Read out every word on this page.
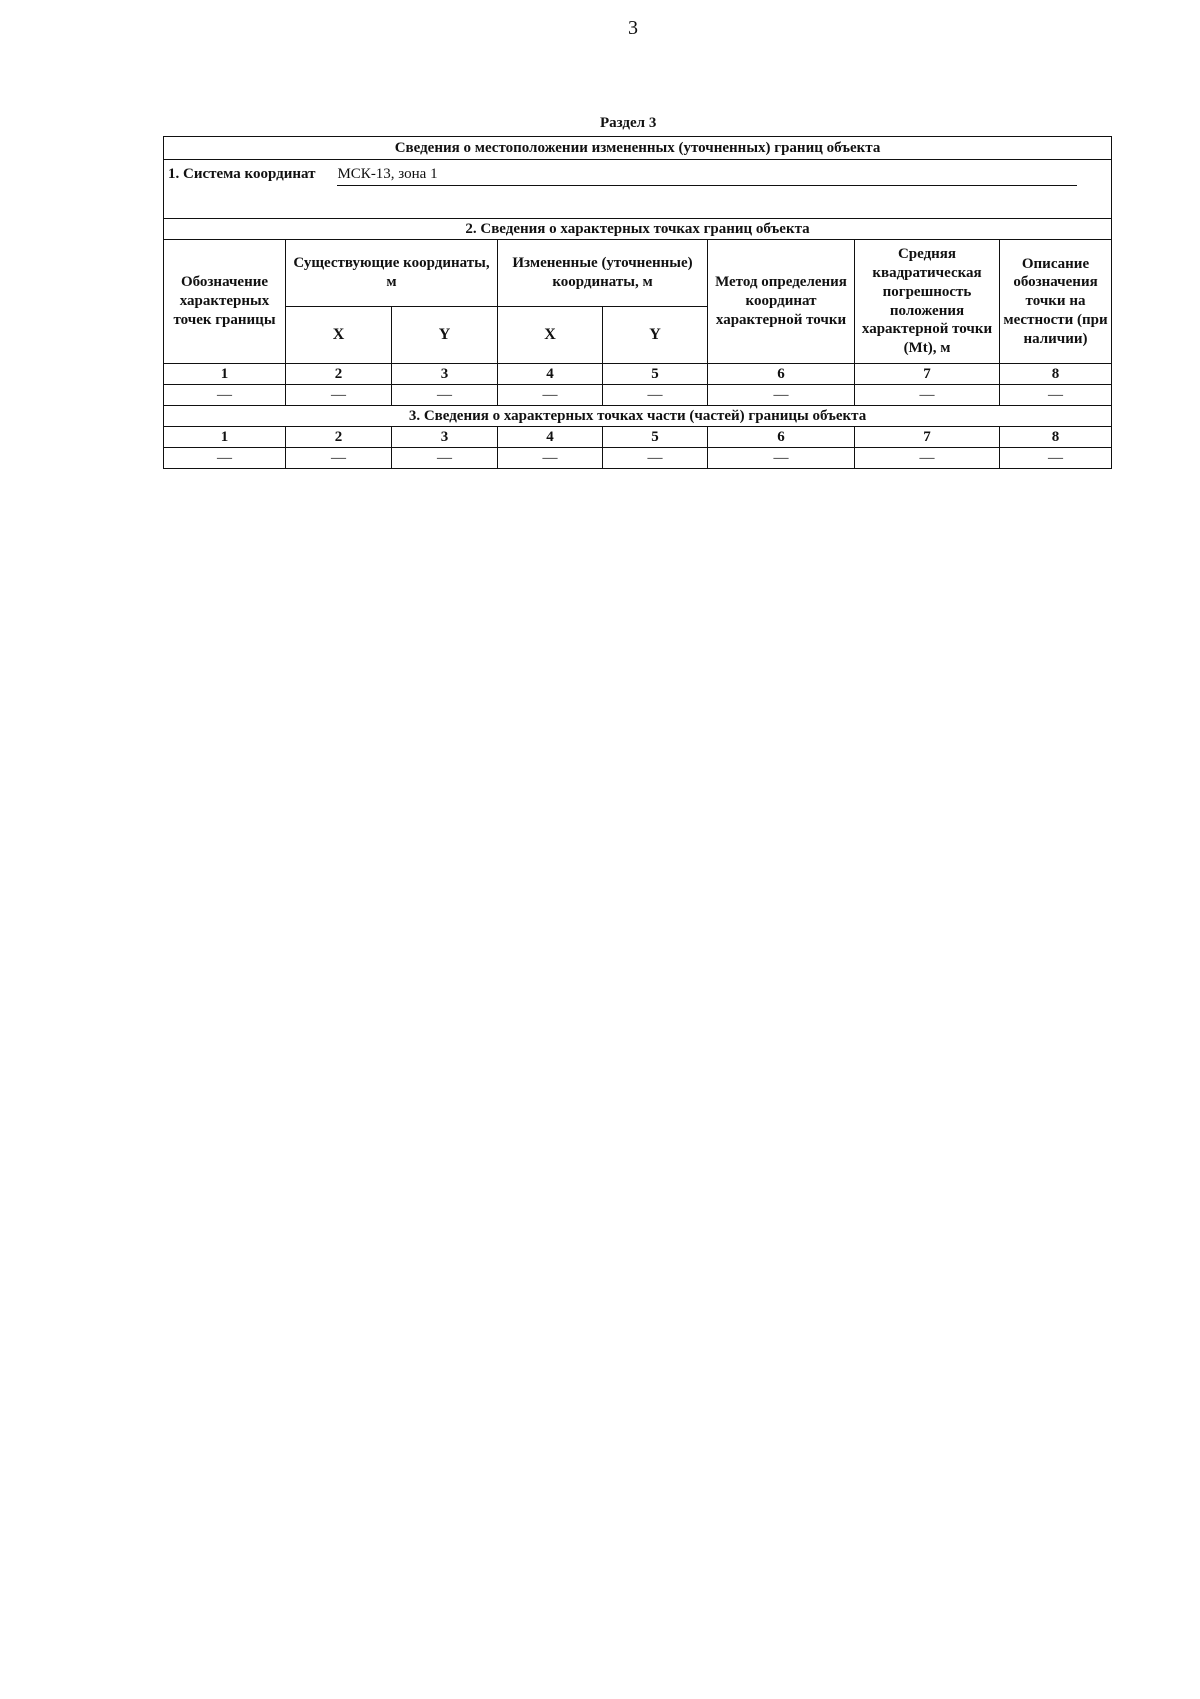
3
Раздел 3
Сведения о местоположении измененных (уточненных) границ объекта							
1. Система координат МСК-13, зона 1							
2. Сведения о характерных точках границ объекта							
Обозначение характерных точек границы	Существующие координаты, м		Измененные (уточненные) координаты, м		Метод определения координат характерной точки	Средняя квадратическая погрешность положения характерной точки (Mt), м	Описание обозначения точки на местности (при наличии)
	X	Y	X	Y			
1	2	3	4	5	6	7	8
—	—	—	—	—	—	—	—
3. Сведения о характерных точках части (частей) границы объекта							
1	2	3	4	5	6	7	8
—	—	—	—	—	—	—	—
